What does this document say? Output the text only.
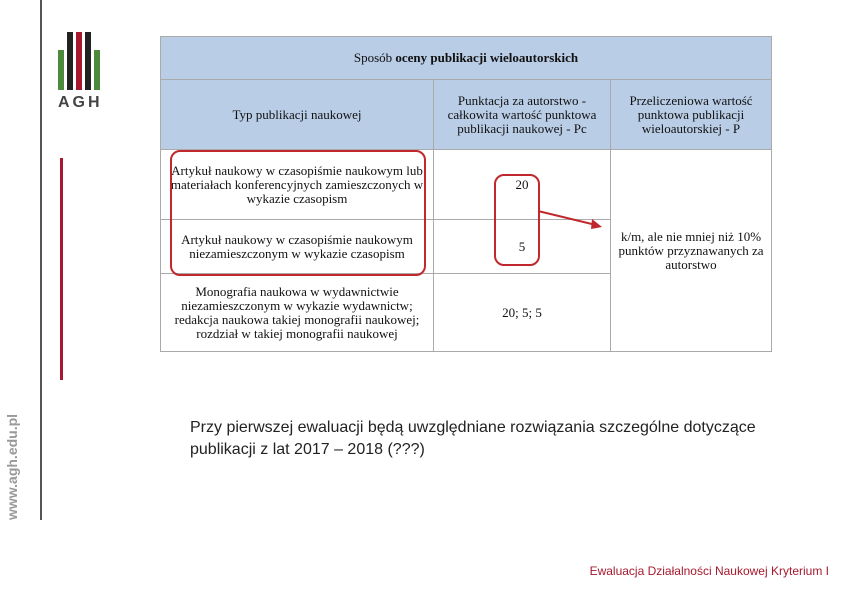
AGH
www.agh.edu.pl
Sposób oceny publikacji wieloautorskich		
Typ publikacji naukowej	Punktacja za autorstwo - całkowita wartość punktowa publikacji naukowej - Pc	Przeliczeniowa wartość punktowa publikacji wieloautorskiej - P
Artykuł naukowy w czasopiśmie naukowym lub materiałach konferencyjnych zamieszczonych w wykazie czasopism	20	k/m, ale nie mniej niż 10% punktów przyznawanych za autorstwo
Artykuł naukowy w czasopiśmie naukowym niezamieszczonym w wykazie czasopism	5	
Monografia naukowa w wydawnictwie niezamieszczonym w wykazie wydawnictw; redakcja naukowa takiej monografii naukowej; rozdział w takiej monografii naukowej	20; 5; 5	
Przy pierwszej ewaluacji będą uwzględniane rozwiązania szczególne dotyczące publikacji z lat 2017 – 2018 (???)
Ewaluacja Działalności Naukowej Kryterium I
